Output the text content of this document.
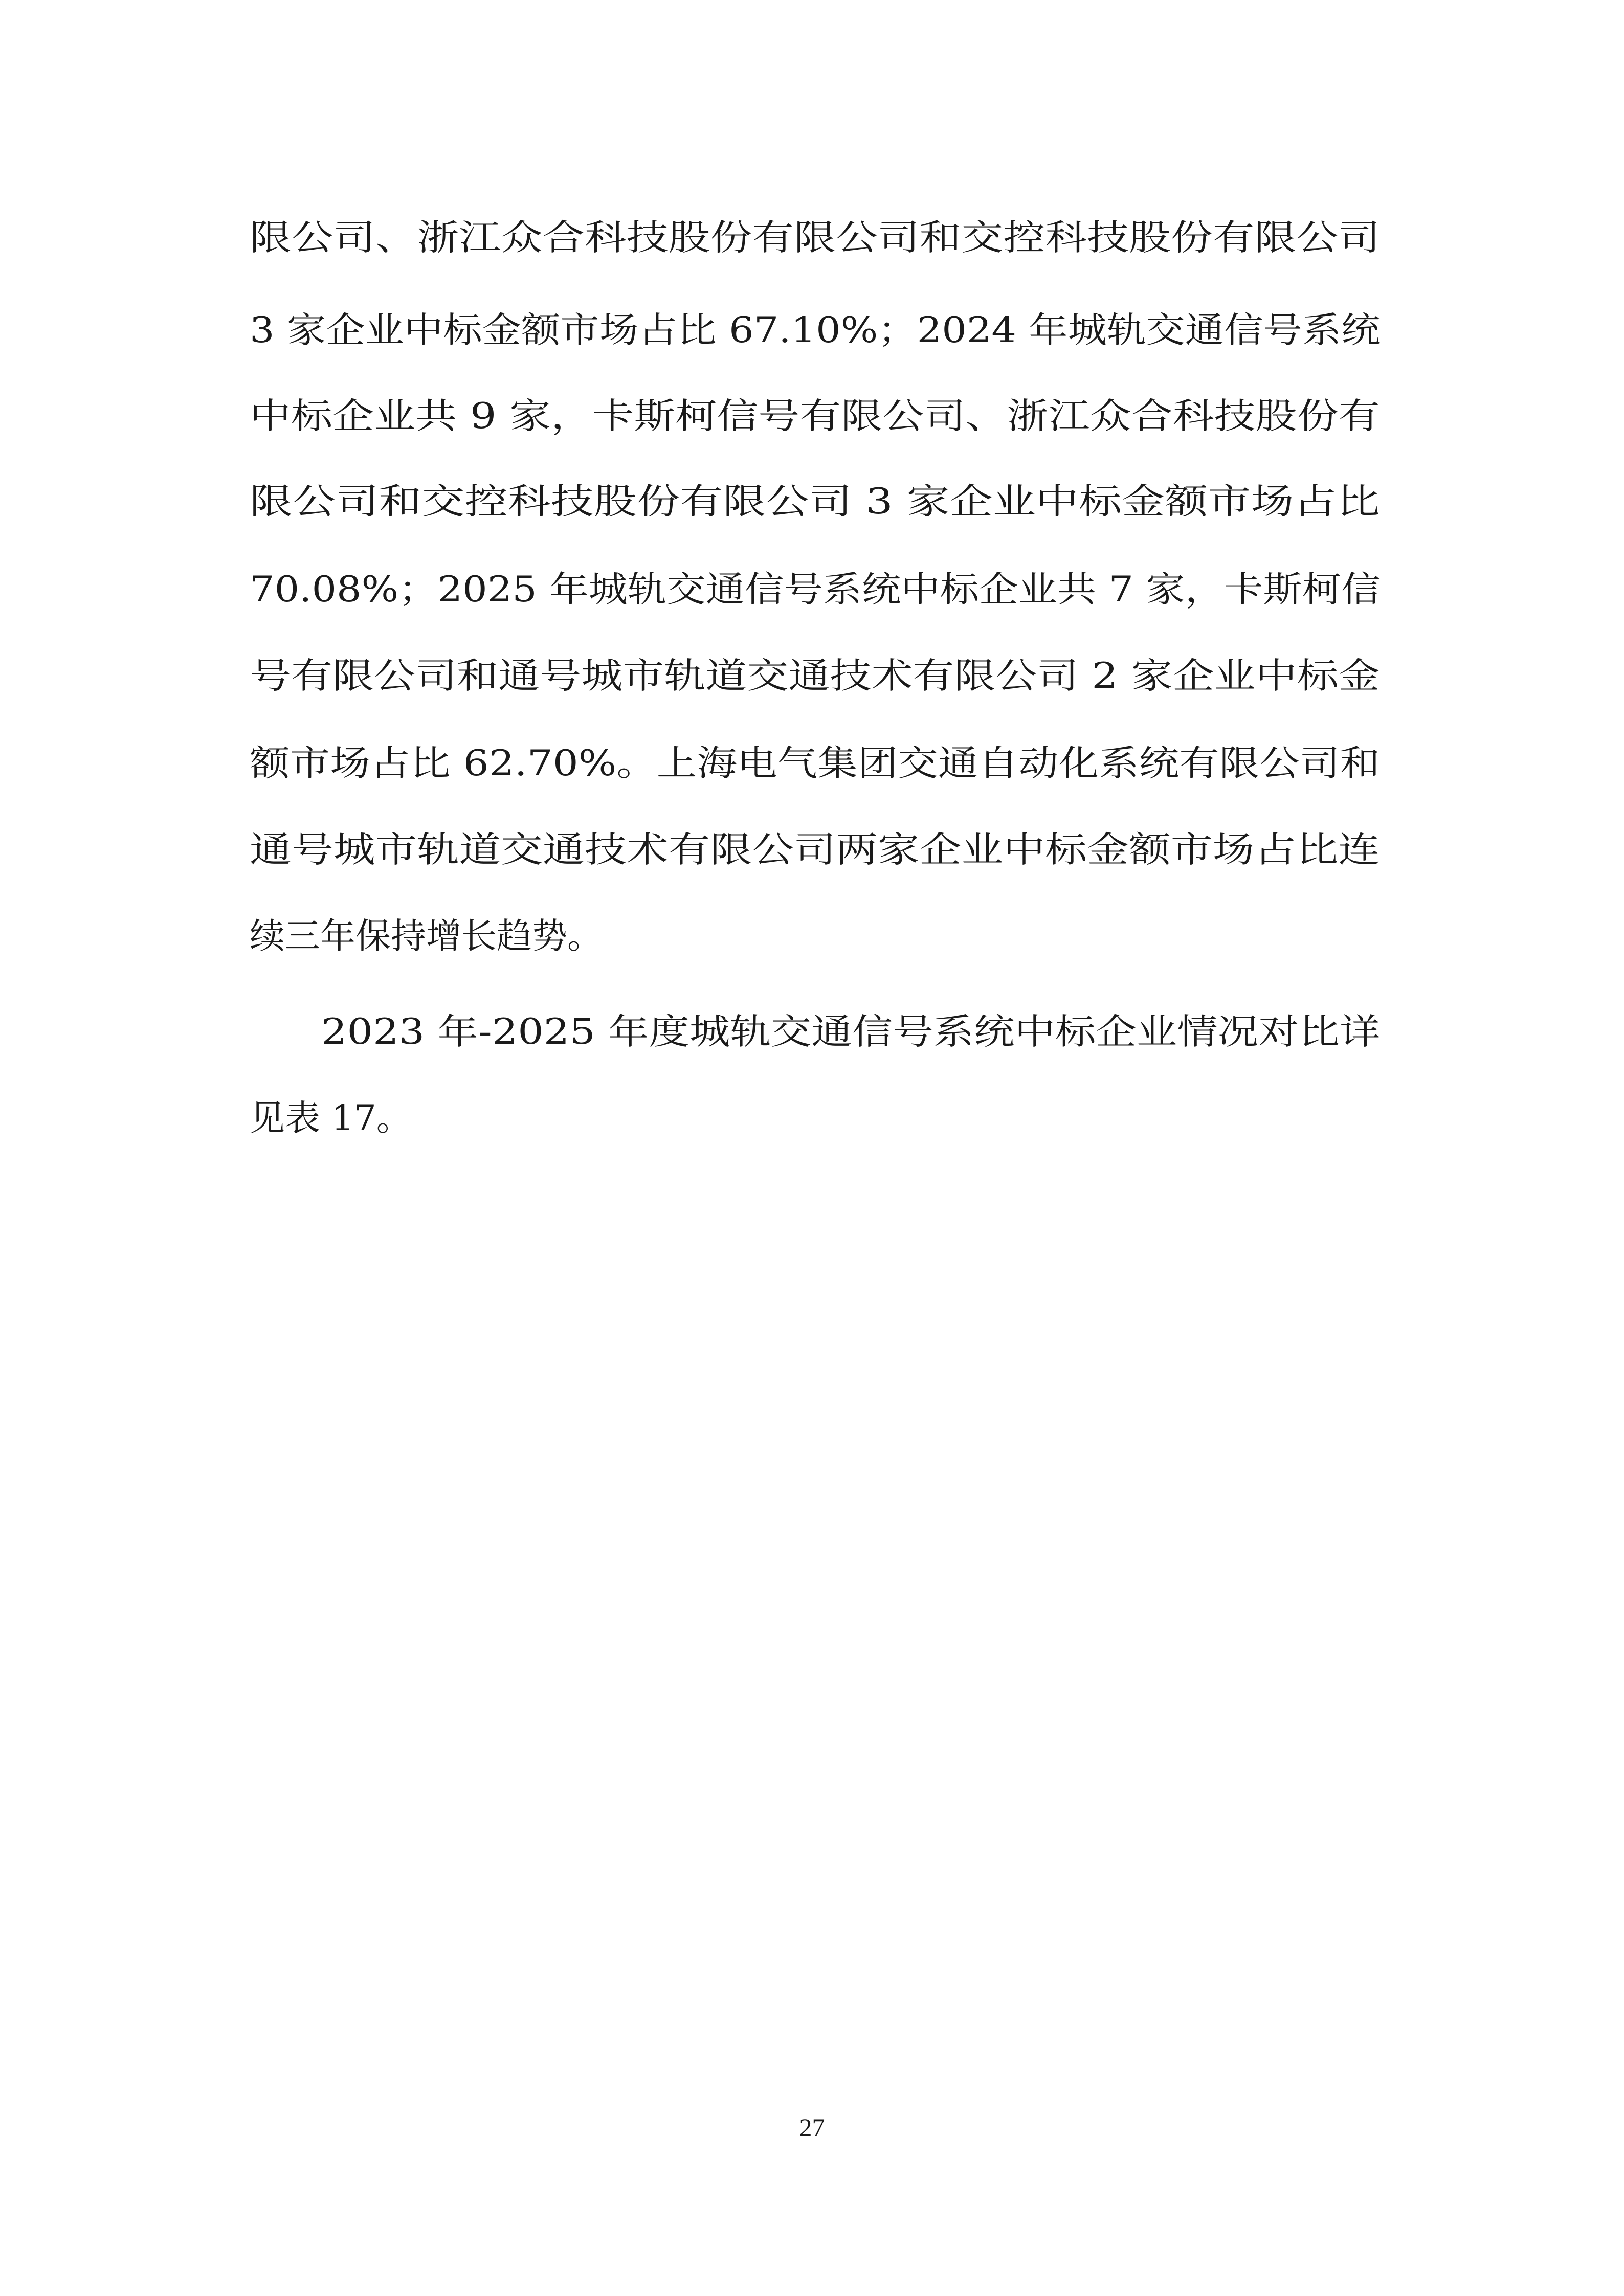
限公司、浙江众合科技股份有限公司和交控科技股份有限公司
3 家企业中标金额市场占比 67.10%；2024 年城轨交通信号系统
中标企业共 9 家，卡斯柯信号有限公司、浙江众合科技股份有
限公司和交控科技股份有限公司 3 家企业中标金额市场占比
70.08%；2025 年城轨交通信号系统中标企业共 7 家，卡斯柯信
号有限公司和通号城市轨道交通技术有限公司 2 家企业中标金
额市场占比 62.70%。上海电气集团交通自动化系统有限公司和
通号城市轨道交通技术有限公司两家企业中标金额市场占比连
续三年保持增长趋势。
2023 年-2025 年度城轨交通信号系统中标企业情况对比详
见表 17。
27
